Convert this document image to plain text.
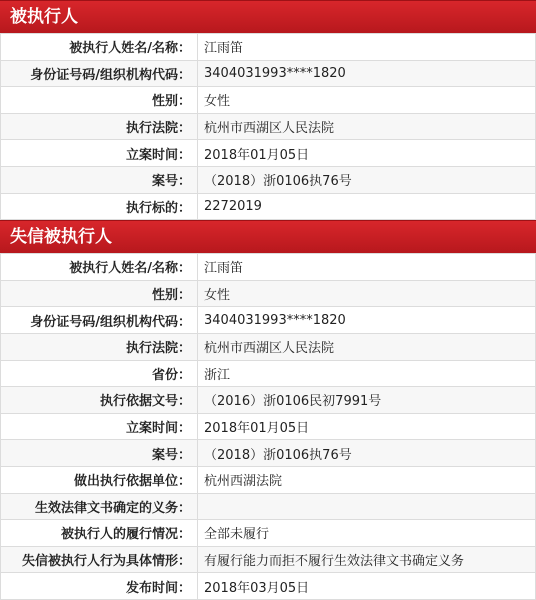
被执行人
被执行人姓名/名称：	江雨笛
身份证号码/组织机构代码：	3404031993****1820
性别：	女性
执行法院：	杭州市西湖区人民法院
立案时间：	2018年01月05日
案号：	（2018）浙0106执76号
执行标的：	2272019
失信被执行人
被执行人姓名/名称：	江雨笛
性别：	女性
身份证号码/组织机构代码：	3404031993****1820
执行法院：	杭州市西湖区人民法院
省份：	浙江
执行依据文号：	（2016）浙0106民初7991号
立案时间：	2018年01月05日
案号：	（2018）浙0106执76号
做出执行依据单位：	杭州西湖法院
生效法律文书确定的义务：	
被执行人的履行情况：	全部未履行
失信被执行人行为具体情形：	有履行能力而拒不履行生效法律文书确定义务
发布时间：	2018年03月05日
